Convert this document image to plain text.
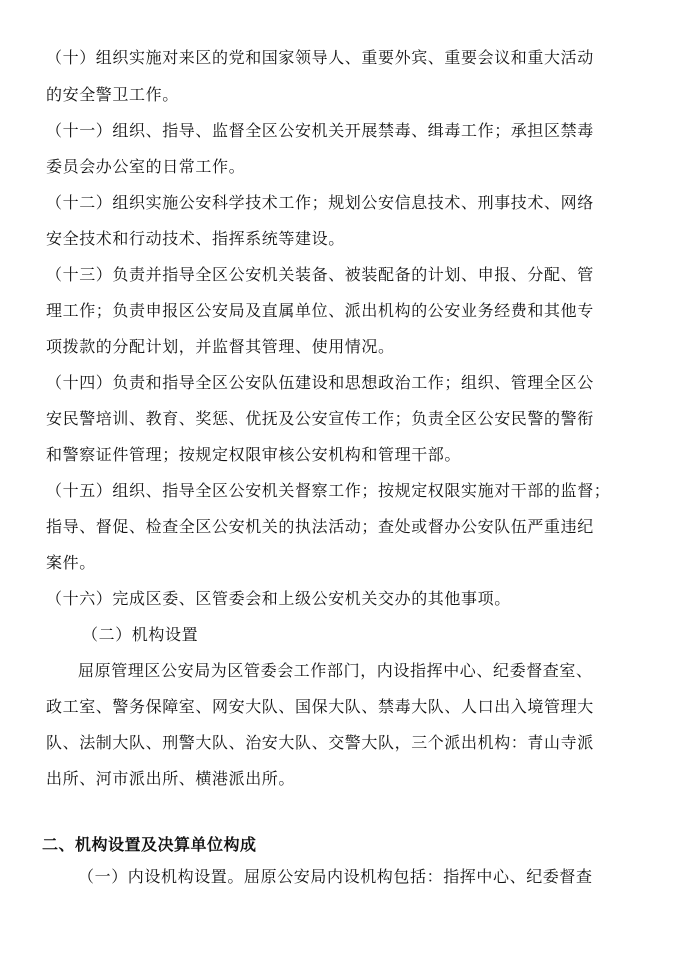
（十）组织实施对来区的党和国家领导人、重要外宾、重要会议和重大活动
的安全警卫工作。
（十一）组织、指导、监督全区公安机关开展禁毒、缉毒工作；承担区禁毒
委员会办公室的日常工作。
（十二）组织实施公安科学技术工作；规划公安信息技术、刑事技术、网络
安全技术和行动技术、指挥系统等建设。
（十三）负责并指导全区公安机关装备、被装配备的计划、申报、分配、管
理工作；负责申报区公安局及直属单位、派出机构的公安业务经费和其他专
项拨款的分配计划，并监督其管理、使用情况。
（十四）负责和指导全区公安队伍建设和思想政治工作；组织、管理全区公
安民警培训、教育、奖惩、优抚及公安宣传工作；负责全区公安民警的警衔
和警察证件管理；按规定权限审核公安机构和管理干部。
（十五）组织、指导全区公安机关督察工作；按规定权限实施对干部的监督；
指导、督促、检查全区公安机关的执法活动；查处或督办公安队伍严重违纪
案件。
（十六）完成区委、区管委会和上级公安机关交办的其他事项。
（二）机构设置
屈原管理区公安局为区管委会工作部门，内设指挥中心、纪委督查室、
政工室、警务保障室、网安大队、国保大队、禁毒大队、人口出入境管理大
队、法制大队、刑警大队、治安大队、交警大队，三个派出机构：青山寺派
出所、河市派出所、横港派出所。
二、机构设置及决算单位构成
（一）内设机构设置。屈原公安局内设机构包括：指挥中心、纪委督查
